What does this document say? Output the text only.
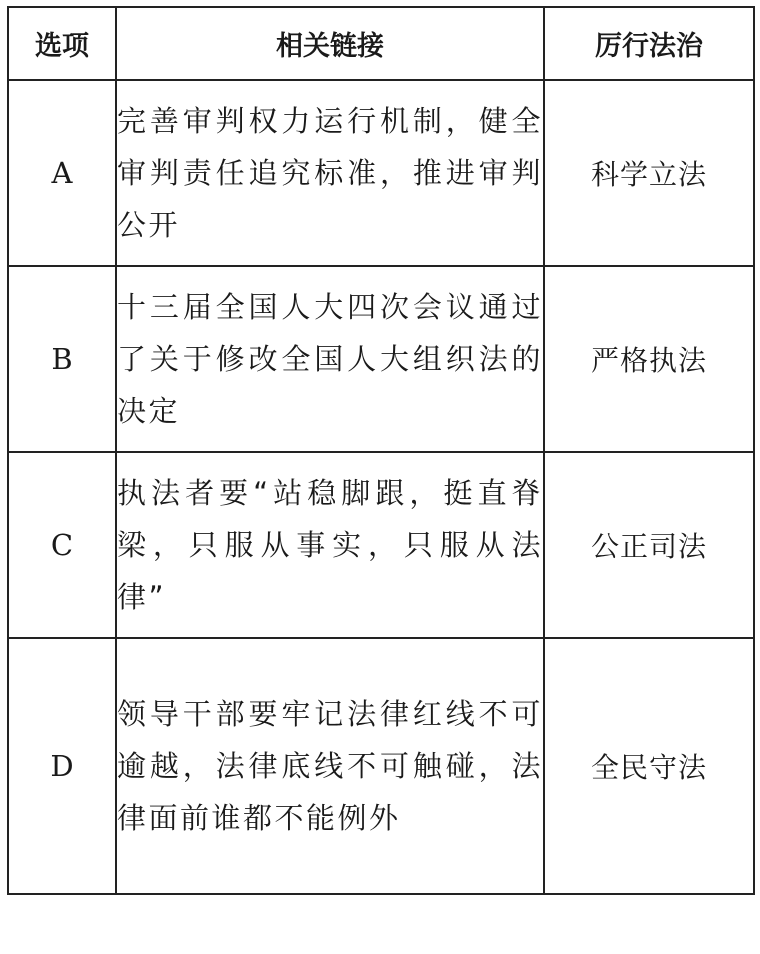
选项	相关链接	厉行法治
A	完善审判权力运行机制，健全审判责任追究标准，推进审判公开	科学立法
B	十三届全国人大四次会议通过了关于修改全国人大组织法的决定	严格执法
C	执法者要“站稳脚跟，挺直脊梁，只服从事实，只服从法律”	公正司法
D	领导干部要牢记法律红线不可逾越，法律底线不可触碰，法律面前谁都不能例外	全民守法
